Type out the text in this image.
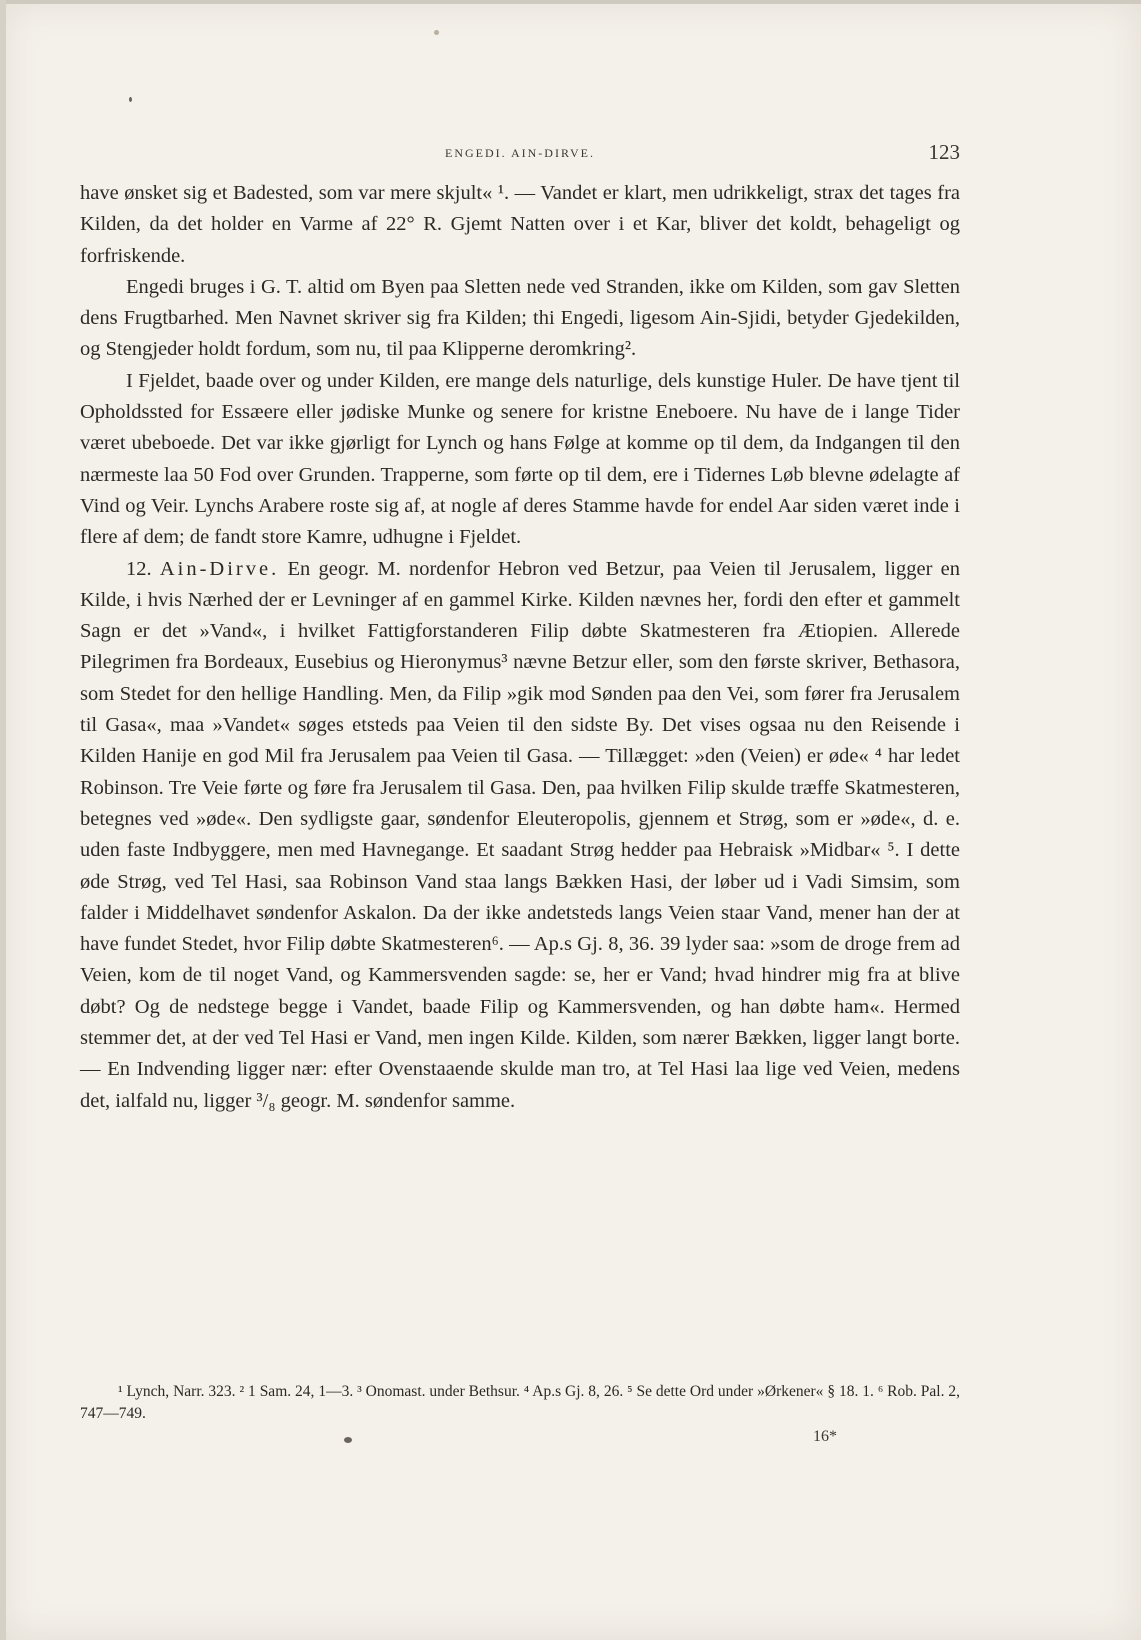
ENGEDI. AIN-DIRVE.	123

have ønsket sig et Badested, som var mere skjult« ¹. — Vandet er klart, men udrikkeligt, strax det tages fra Kilden, da det holder en Varme af 22° R. Gjemt Natten over i et Kar, bliver det koldt, behageligt og forfriskende.

Engedi bruges i G. T. altid om Byen paa Sletten nede ved Stranden, ikke om Kilden, som gav Sletten dens Frugtbarhed. Men Navnet skriver sig fra Kilden; thi Engedi, ligesom Ain-Sjidi, betyder Gjedekilden, og Stengjeder holdt fordum, som nu, til paa Klipperne deromkring².

I Fjeldet, baade over og under Kilden, ere mange dels naturlige, dels kunstige Huler. De have tjent til Opholdssted for Essæere eller jødiske Munke og senere for kristne Eneboere. Nu have de i lange Tider været ubeboede. Det var ikke gjørligt for Lynch og hans Følge at komme op til dem, da Indgangen til den nærmeste laa 50 Fod over Grunden. Trapperne, som førte op til dem, ere i Tidernes Løb blevne ødelagte af Vind og Veir. Lynchs Arabere roste sig af, at nogle af deres Stamme havde for endel Aar siden været inde i flere af dem; de fandt store Kamre, udhugne i Fjeldet.

12. Ain-Dirve. En geogr. M. nordenfor Hebron ved Betzur, paa Veien til Jerusalem, ligger en Kilde, i hvis Nærhed der er Levninger af en gammel Kirke. Kilden nævnes her, fordi den efter et gammelt Sagn er det »Vand«, i hvilket Fattigforstanderen Filip døbte Skatmesteren fra Ætiopien. Allerede Pilegrimen fra Bordeaux, Eusebius og Hieronymus³ nævne Betzur eller, som den første skriver, Bethasora, som Stedet for den hellige Handling. Men, da Filip »gik mod Sønden paa den Vei, som fører fra Jerusalem til Gasa«, maa »Vandet« søges etsteds paa Veien til den sidste By. Det vises ogsaa nu den Reisende i Kilden Hanije en god Mil fra Jerusalem paa Veien til Gasa. — Tillægget: »den (Veien) er øde« ⁴ har ledet Robinson. Tre Veie førte og føre fra Jerusalem til Gasa. Den, paa hvilken Filip skulde træffe Skatmesteren, betegnes ved »øde«. Den sydligste gaar, søndenfor Eleuteropolis, gjennem et Strøg, som er »øde«, d. e. uden faste Indbyggere, men med Havnegange. Et saadant Strøg hedder paa Hebraisk »Midbar« ⁵. I dette øde Strøg, ved Tel Hasi, saa Robinson Vand staa langs Bækken Hasi, der løber ud i Vadi Simsim, som falder i Middelhavet søndenfor Askalon. Da der ikke andetsteds langs Veien staar Vand, mener han der at have fundet Stedet, hvor Filip døbte Skatmesteren⁶. — Ap.s Gj. 8, 36. 39 lyder saa: »som de droge frem ad Veien, kom de til noget Vand, og Kammersvenden sagde: se, her er Vand; hvad hindrer mig fra at blive døbt? Og de nedstege begge i Vandet, baade Filip og Kammersvenden, og han døbte ham«. Hermed stemmer det, at der ved Tel Hasi er Vand, men ingen Kilde. Kilden, som nærer Bækken, ligger langt borte. — En Indvending ligger nær: efter Ovenstaaende skulde man tro, at Tel Hasi laa lige ved Veien, medens det, ialfald nu, ligger ³/₈ geogr. M. søndenfor samme.

¹ Lynch, Narr. 323. ² 1 Sam. 24, 1—3. ³ Onomast. under Bethsur. ⁴ Ap.s Gj. 8, 26. ⁵ Se dette Ord under »Ørkener« § 18. 1. ⁶ Rob. Pal. 2, 747—749.

16*
